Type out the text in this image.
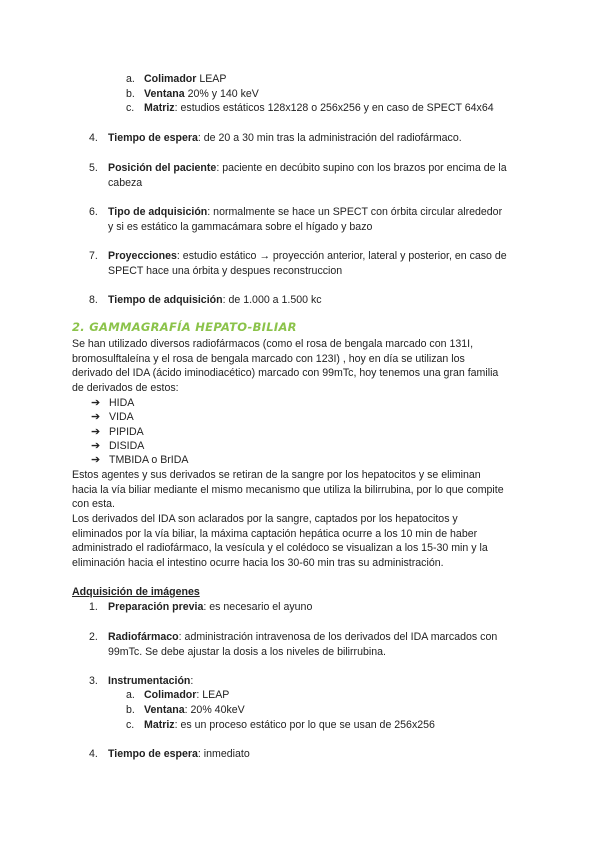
a. Colimador LEAP
b. Ventana 20% y 140 keV
c. Matriz: estudios estáticos 128x128 o 256x256 y en caso de SPECT 64x64
4. Tiempo de espera: de 20 a 30 min tras la administración del radiofármaco.
5. Posición del paciente: paciente en decúbito supino con los brazos por encima de la
cabeza
6. Tipo de adquisición: normalmente se hace un SPECT con órbita circular alrededor
y si es estático la gammacámara sobre el hígado y bazo
7. Proyecciones: estudio estático → proyección anterior, lateral y posterior, en caso de
SPECT hace una órbita y despues reconstruccion
8. Tiempo de adquisición: de 1.000 a 1.500 kc
2. GAMMAGRAFÍA HEPATO-BILIAR
Se han utilizado diversos radiofármacos (como el rosa de bengala marcado con 131I,
bromosulftaleína y el rosa de bengala marcado con 123I) , hoy en día se utilizan los
derivado del IDA (ácido iminodiacético) marcado con 99mTc, hoy tenemos una gran familia
de derivados de estos:
➔ HIDA
➔ VIDA
➔ PIPIDA
➔ DISIDA
➔ TMBIDA o BrIDA
Estos agentes y sus derivados se retiran de la sangre por los hepatocitos y se eliminan
hacia la vía biliar mediante el mismo mecanismo que utiliza la bilirrubina, por lo que compite
con esta.
Los derivados del IDA son aclarados por la sangre, captados por los hepatocitos y
eliminados por la vía biliar, la máxima captación hepática ocurre a los 10 min de haber
administrado el radiofármaco, la vesícula y el colédoco se visualizan a los 15-30 min y la
eliminación hacia el intestino ocurre hacia los 30-60 min tras su administración.
Adquisición de imágenes
1. Preparación previa: es necesario el ayuno
2. Radiofármaco: administración intravenosa de los derivados del IDA marcados con
99mTc. Se debe ajustar la dosis a los niveles de bilirrubina.
3. Instrumentación:
a. Colimador: LEAP
b. Ventana: 20% 40keV
c. Matriz: es un proceso estático por lo que se usan de 256x256
4. Tiempo de espera: inmediato
